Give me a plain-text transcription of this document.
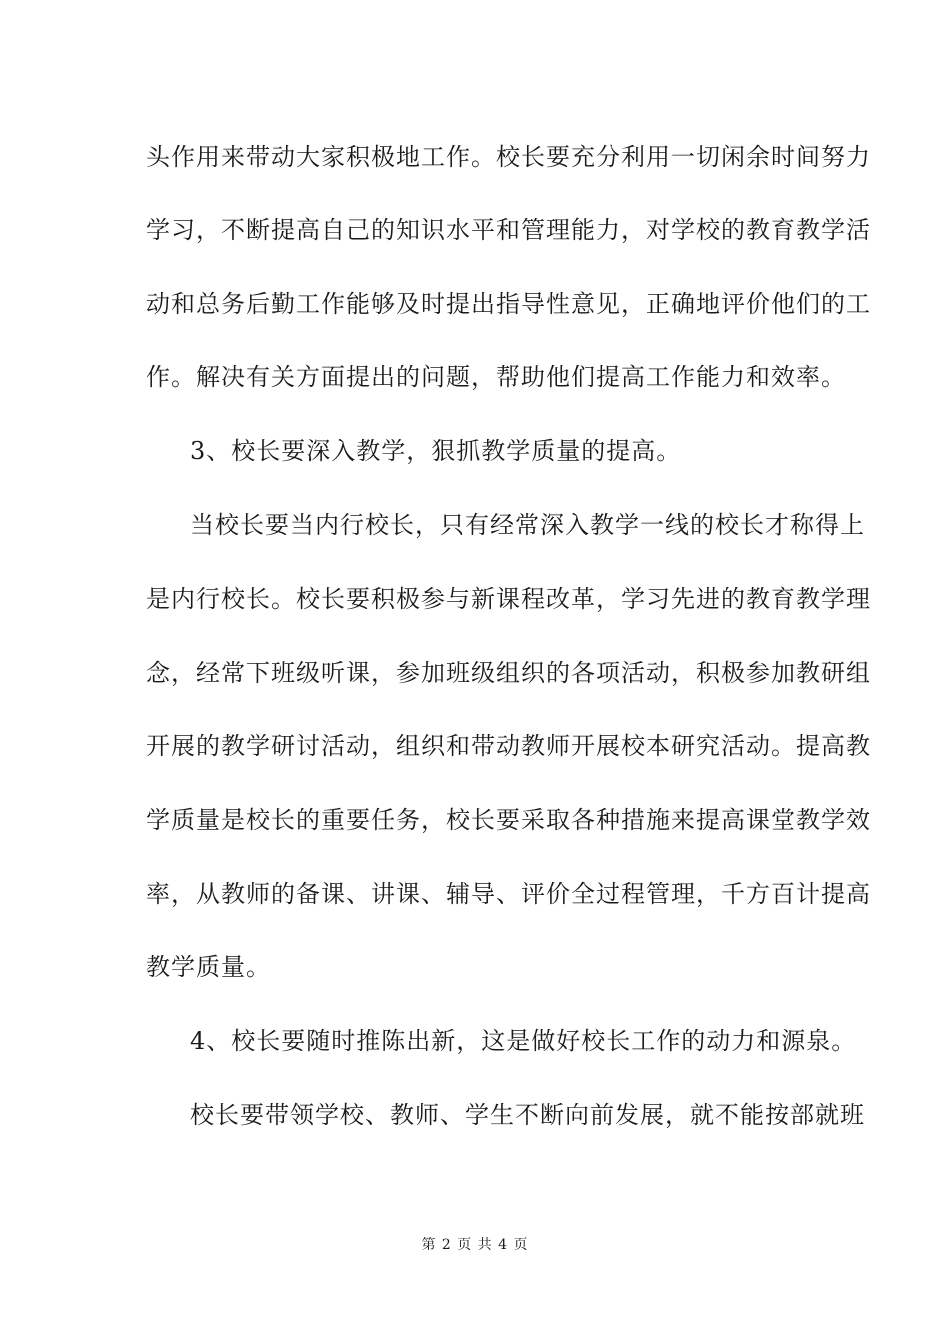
头作用来带动大家积极地工作。校长要充分利用一切闲余时间努力
学习，不断提高自己的知识水平和管理能力，对学校的教育教学活
动和总务后勤工作能够及时提出指导性意见，正确地评价他们的工
作。解决有关方面提出的问题，帮助他们提高工作能力和效率。
3、校长要深入教学，狠抓教学质量的提高。
当校长要当内行校长，只有经常深入教学一线的校长才称得上
是内行校长。校长要积极参与新课程改革，学习先进的教育教学理
念，经常下班级听课，参加班级组织的各项活动，积极参加教研组
开展的教学研讨活动，组织和带动教师开展校本研究活动。提高教
学质量是校长的重要任务，校长要采取各种措施来提高课堂教学效
率，从教师的备课、讲课、辅导、评价全过程管理，千方百计提高
教学质量。
4、校长要随时推陈出新，这是做好校长工作的动力和源泉。
校长要带领学校、教师、学生不断向前发展，就不能按部就班
第 2 页 共 4 页
